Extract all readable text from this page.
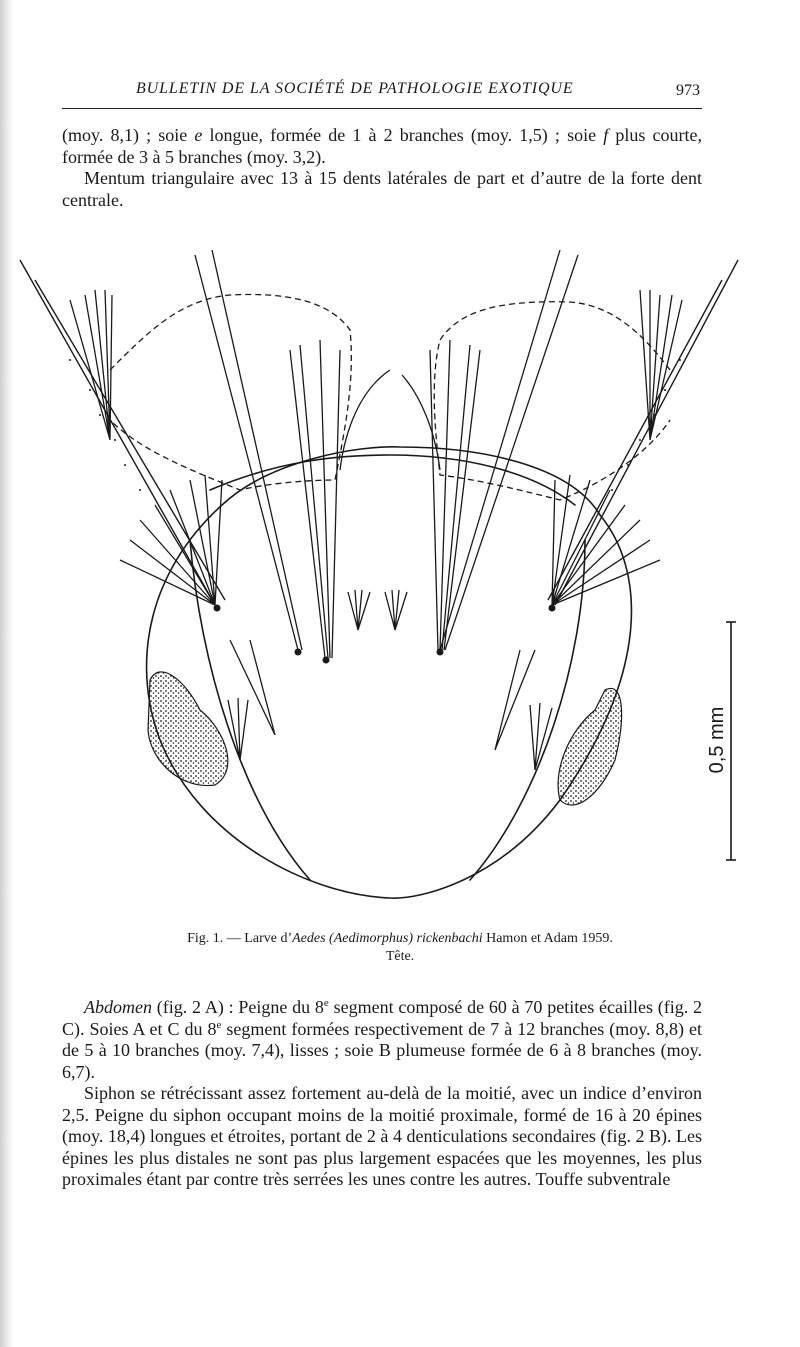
BULLETIN DE LA SOCIÉTÉ DE PATHOLOGIE EXOTIQUE	973

(moy. 8,1) ; soie e longue, formée de 1 à 2 branches (moy. 1,5) ; soie f plus courte, formée de 3 à 5 branches (moy. 3,2).
Mentum triangulaire avec 13 à 15 dents latérales de part et d’autre de la forte dent centrale.

0,5 mm
Fig. 1. — Larve d’Aedes (Aedimorphus) rickenbachi Hamon et Adam 1959.
Tête.

Abdomen (fig. 2 A) : Peigne du 8e segment composé de 60 à 70 petites écailles (fig. 2 C). Soies A et C du 8e segment formées respectivement de 7 à 12 branches (moy. 8,8) et de 5 à 10 branches (moy. 7,4), lisses ; soie B plumeuse formée de 6 à 8 branches (moy. 6,7).

Siphon se rétrécissant assez fortement au-delà de la moitié, avec un indice d’environ 2,5. Peigne du siphon occupant moins de la moitié proximale, formé de 16 à 20 épines (moy. 18,4) longues et étroites, portant de 2 à 4 denticulations secondaires (fig. 2 B). Les épines les plus distales ne sont pas plus largement espacées que les moyennes, les plus proximales étant par contre très serrées les unes contre les autres. Touffe subventrale
